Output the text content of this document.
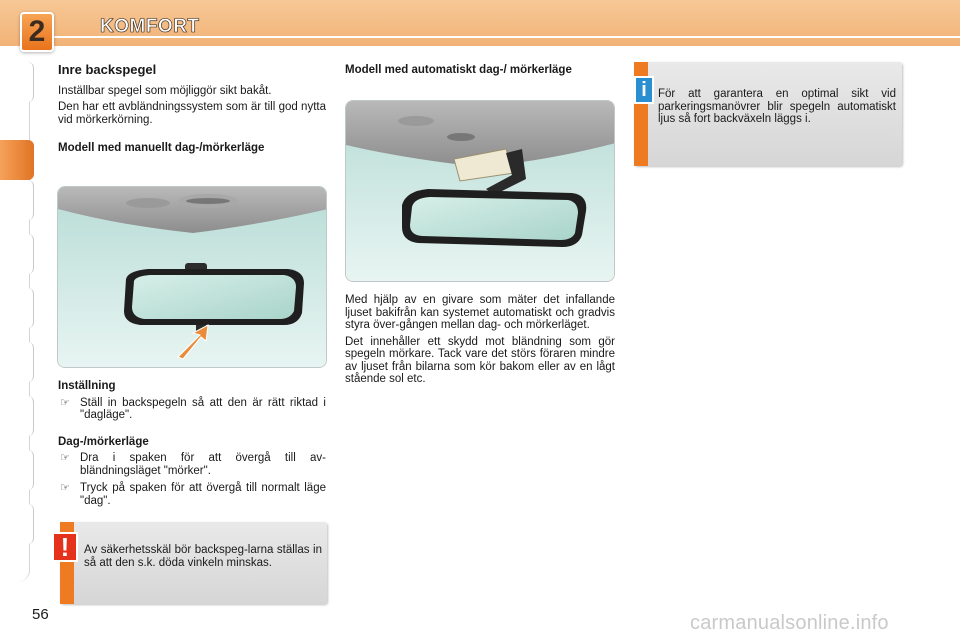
2	KOMFORT
Inre backspegel

Inställbar spegel som möjliggör sikt bakåt.

Den har ett avbländningssystem som är till god nytta vid mörkerkörning.

Modell med manuellt dag-/mörkerläge
Inställning
☞ Ställ in backspegeln så att den är rätt riktad i "dagläge".
Dag-/mörkerläge
☞ Dra i spaken för att övergå till av-bländningsläget "mörker".
☞ Tryck på spaken för att övergå till normalt läge "dag".
!	Av säkerhetsskäl bör backspeg-larna ställas in så att den s.k. döda vinkeln minskas.
Modell med automatiskt dag-/ mörkerläge

Med hjälp av en givare som mäter det infallande ljuset bakifrån kan systemet automatiskt och gradvis styra över-gången mellan dag- och mörkerläget.

Det innehåller ett skydd mot bländning som gör spegeln mörkare. Tack vare det störs föraren mindre av ljuset från bilarna som kör bakom eller av en lågt stående sol etc.

i För att garantera en optimal sikt vid parkeringsmanövrer blir spegeln automatiskt ljus så fort backväxeln läggs i.
56	carmanualsonline.info
